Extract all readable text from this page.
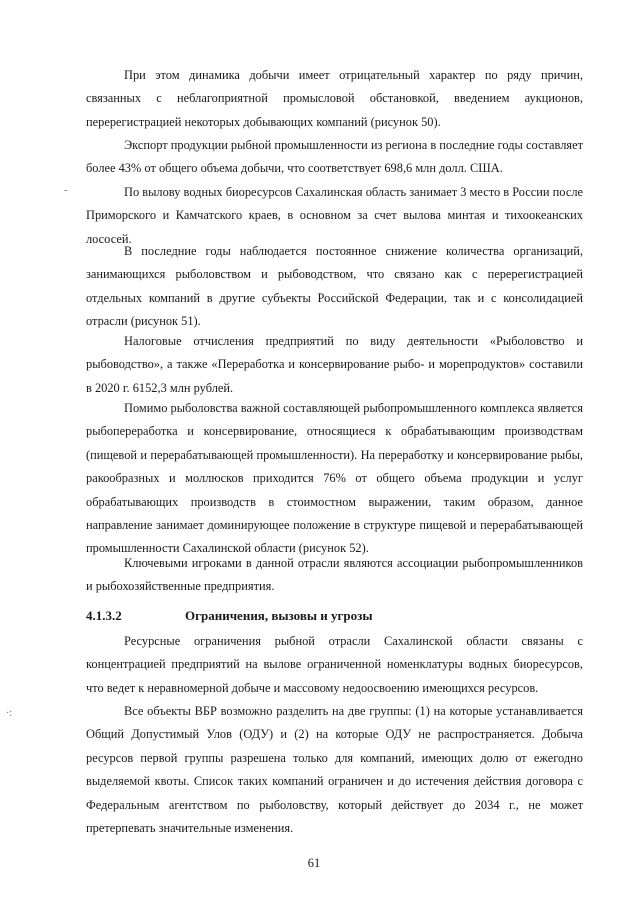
При этом динамика добычи имеет отрицательный характер по ряду причин, связанных с неблагоприятной промысловой обстановкой, введением аукционов, перерегистрацией некоторых добывающих компаний (рисунок 50).
Экспорт продукции рыбной промышленности из региона в последние годы составляет более 43% от общего объема добычи, что соответствует 698,6 млн долл. США.
По вылову водных биоресурсов Сахалинская область занимает 3 место в России после Приморского и Камчатского краев, в основном за счет вылова минтая и тихоокеанских лососей.
В последние годы наблюдается постоянное снижение количества организаций, занимающихся рыболовством и рыбоводством, что связано как с перерегистрацией отдельных компаний в другие субъекты Российской Федерации, так и с консолидацией отрасли (рисунок 51).
Налоговые отчисления предприятий по виду деятельности «Рыболовство и рыбоводство», а также «Переработка и консервирование рыбо- и морепродуктов» составили в 2020 г. 6152,3 млн рублей.
Помимо рыболовства важной составляющей рыбопромышленного комплекса является рыбопереработка и консервирование, относящиеся к обрабатывающим производствам (пищевой и перерабатывающей промышленности). На переработку и консервирование рыбы, ракообразных и моллюсков приходится 76% от общего объема продукции и услуг обрабатывающих производств в стоимостном выражении, таким образом, данное направление занимает доминирующее положение в структуре пищевой и перерабатывающей промышленности Сахалинской области (рисунок 52).
Ключевыми игроками в данной отрасли являются ассоциации рыбопромышленников и рыбохозяйственные предприятия.
4.1.3.2	Ограничения, вызовы и угрозы
Ресурсные ограничения рыбной отрасли Сахалинской области связаны с концентрацией предприятий на вылове ограниченной номенклатуры водных биоресурсов, что ведет к неравномерной добыче и массовому недоосвоению имеющихся ресурсов.
Все объекты ВБР возможно разделить на две группы: (1) на которые устанавливается Общий Допустимый Улов (ОДУ) и (2) на которые ОДУ не распространяется. Добыча ресурсов первой группы разрешена только для компаний, имеющих долю от ежегодно выделяемой квоты. Список таких компаний ограничен и до истечения действия договора с Федеральным агентством по рыболовству, который действует до 2034 г., не может претерпевать значительные изменения.
61
-
·:
